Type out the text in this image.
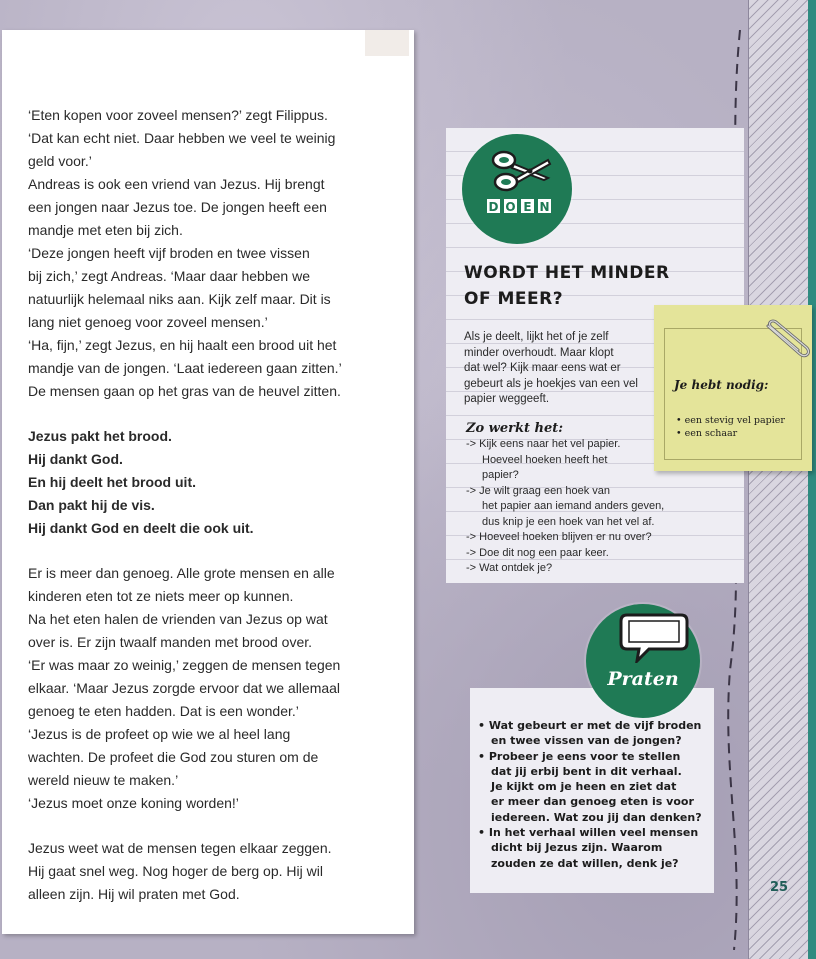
‘Eten kopen voor zoveel mensen?’ zegt Filippus.
‘Dat kan echt niet. Daar hebben we veel te weinig
geld voor.’
Andreas is ook een vriend van Jezus. Hij brengt
een jongen naar Jezus toe. De jongen heeft een
mandje met eten bij zich.
‘Deze jongen heeft vijf broden en twee vissen
bij zich,’ zegt Andreas. ‘Maar daar hebben we
natuurlijk helemaal niks aan. Kijk zelf maar. Dit is
lang niet genoeg voor zoveel mensen.’
‘Ha, fijn,’ zegt Jezus, en hij haalt een brood uit het
mandje van de jongen. ‘Laat iedereen gaan zitten.’
De mensen gaan op het gras van de heuvel zitten.
Jezus pakt het brood.
Hij dankt God.
En hij deelt het brood uit.
Dan pakt hij de vis.
Hij dankt God en deelt die ook uit.
Er is meer dan genoeg. Alle grote mensen en alle
kinderen eten tot ze niets meer op kunnen.
Na het eten halen de vrienden van Jezus op wat
over is. Er zijn twaalf manden met brood over.
‘Er was maar zo weinig,’ zeggen de mensen tegen
elkaar. ‘Maar Jezus zorgde ervoor dat we allemaal
genoeg te eten hadden. Dat is een wonder.’
‘Jezus is de profeet op wie we al heel lang
wachten. De profeet die God zou sturen om de
wereld nieuw te maken.’
‘Jezus moet onze koning worden!’
Jezus weet wat de mensen tegen elkaar zeggen.
Hij gaat snel weg. Nog hoger de berg op. Hij wil
alleen zijn. Hij wil praten met God.
D O E N
WORDT HET MINDER
OF MEER?
Als je deelt, lijkt het of je zelf
minder overhoudt. Maar klopt
dat wel? Kijk maar eens wat er
gebeurt als je hoekjes van een vel
papier weggeeft.
Zo werkt het:
-> Kijk eens naar het vel papier.
Hoeveel hoeken heeft het
papier?
-> Je wilt graag een hoek van
het papier aan iemand anders geven,
dus knip je een hoek van het vel af.
-> Hoeveel hoeken blijven er nu over?
-> Doe dit nog een paar keer.
-> Wat ontdek je?
Je hebt nodig:
• een stevig vel papier
• een schaar
Praten
• Wat gebeurt er met de vijf broden
en twee vissen van de jongen?
• Probeer je eens voor te stellen
dat jij erbij bent in dit verhaal.
Je kijkt om je heen en ziet dat
er meer dan genoeg eten is voor
iedereen. Wat zou jij dan denken?
• In het verhaal willen veel mensen
dicht bij Jezus zijn. Waarom
zouden ze dat willen, denk je?
25
